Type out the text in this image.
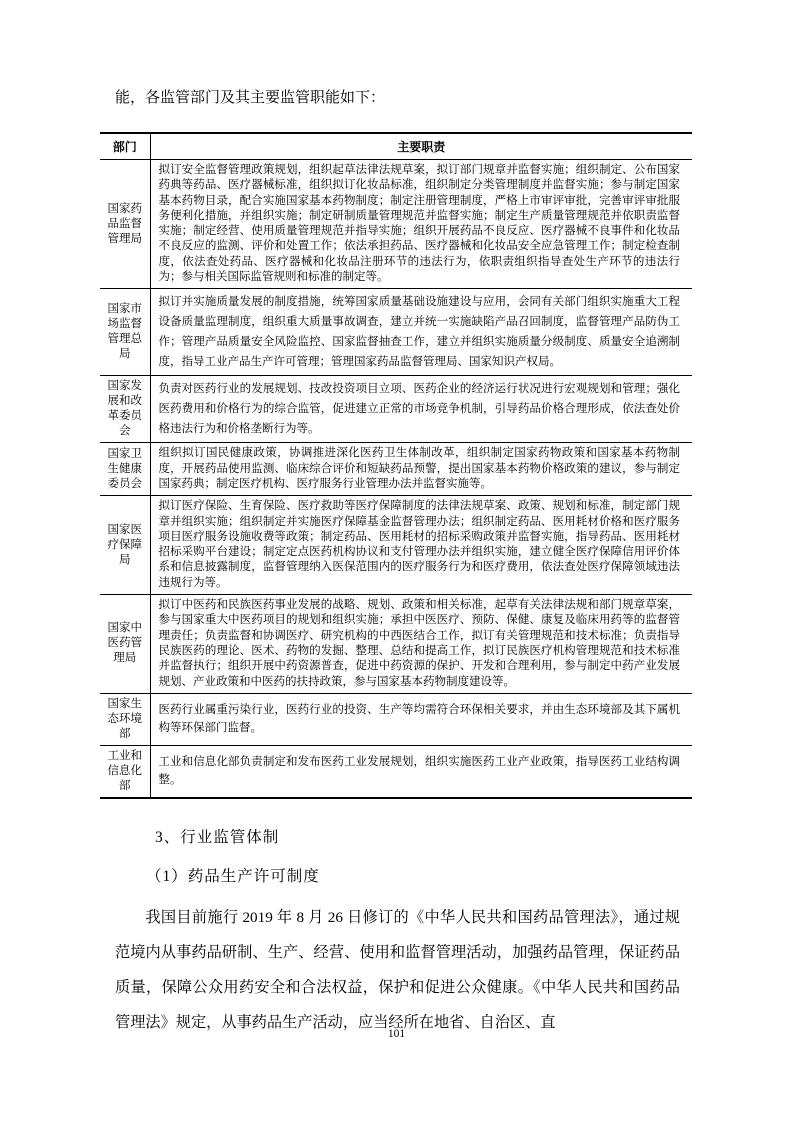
能，各监管部门及其主要监管职能如下：

部门	主要职责
国家药品监督管理局	拟订安全监督管理政策规划，组织起草法律法规草案，拟订部门规章并监督实施；组织制定、公布国家药典等药品、医疗器械标准，组织拟订化妆品标准，组织制定分类管理制度并监督实施；参与制定国家基本药物目录，配合实施国家基本药物制度；制定注册管理制度，严格上市审评审批，完善审评审批服务便利化措施，并组织实施；制定研制质量管理规范并监督实施；制定生产质量管理规范并依职责监督实施；制定经营、使用质量管理规范并指导实施；组织开展药品不良反应、医疗器械不良事件和化妆品不良反应的监测、评价和处置工作；依法承担药品、医疗器械和化妆品安全应急管理工作；制定检查制度，依法查处药品、医疗器械和化妆品注册环节的违法行为，依职责组织指导查处生产环节的违法行为；参与相关国际监管规则和标准的制定等。
国家市场监督管理总局	拟订并实施质量发展的制度措施，统筹国家质量基础设施建设与应用，会同有关部门组织实施重大工程设备质量监理制度，组织重大质量事故调查，建立并统一实施缺陷产品召回制度，监督管理产品防伪工作；管理产品质量安全风险监控、国家监督抽查工作，建立并组织实施质量分级制度、质量安全追溯制度，指导工业产品生产许可管理；管理国家药品监督管理局、国家知识产权局。
国家发展和改革委员会	负责对医药行业的发展规划、技改投资项目立项、医药企业的经济运行状况进行宏观规划和管理；强化医药费用和价格行为的综合监管，促进建立正常的市场竞争机制，引导药品价格合理形成，依法查处价格违法行为和价格垄断行为等。
国家卫生健康委员会	组织拟订国民健康政策，协调推进深化医药卫生体制改革，组织制定国家药物政策和国家基本药物制度，开展药品使用监测、临床综合评价和短缺药品预警，提出国家基本药物价格政策的建议，参与制定国家药典；制定医疗机构、医疗服务行业管理办法并监督实施等。
国家医疗保障局	拟订医疗保险、生育保险、医疗救助等医疗保障制度的法律法规草案、政策、规划和标准，制定部门规章并组织实施；组织制定并实施医疗保障基金监督管理办法；组织制定药品、医用耗材价格和医疗服务项目医疗服务设施收费等政策；制定药品、医用耗材的招标采购政策并监督实施，指导药品、医用耗材招标采购平台建设；制定定点医药机构协议和支付管理办法并组织实施，建立健全医疗保障信用评价体系和信息披露制度，监督管理纳入医保范围内的医疗服务行为和医疗费用，依法查处医疗保障领域违法违规行为等。
国家中医药管理局	拟订中医药和民族医药事业发展的战略、规划、政策和相关标准，起草有关法律法规和部门规章草案，参与国家重大中医药项目的规划和组织实施；承担中医医疗、预防、保健、康复及临床用药等的监督管理责任；负责监督和协调医疗、研究机构的中西医结合工作，拟订有关管理规范和技术标准；负责指导民族医药的理论、医术、药物的发掘、整理、总结和提高工作，拟订民族医疗机构管理规范和技术标准并监督执行；组织开展中药资源普查，促进中药资源的保护、开发和合理利用，参与制定中药产业发展规划、产业政策和中医药的扶持政策，参与国家基本药物制度建设等。
国家生态环境部	医药行业属重污染行业，医药行业的投资、生产等均需符合环保相关要求，并由生态环境部及其下属机构等环保部门监督。
工业和信息化部	工业和信息化部负责制定和发布医药工业发展规划，组织实施医药工业产业政策，指导医药工业结构调整。
3、行业监管体制
（1）药品生产许可制度

我国目前施行 2019 年 8 月 26 日修订的《中华人民共和国药品管理法》，通过规范境内从事药品研制、生产、经营、使用和监督管理活动，加强药品管理，保证药品质量，保障公众用药安全和合法权益，保护和促进公众健康。《中华人民共和国药品管理法》规定，从事药品生产活动，应当经所在地省、自治区、直

101
